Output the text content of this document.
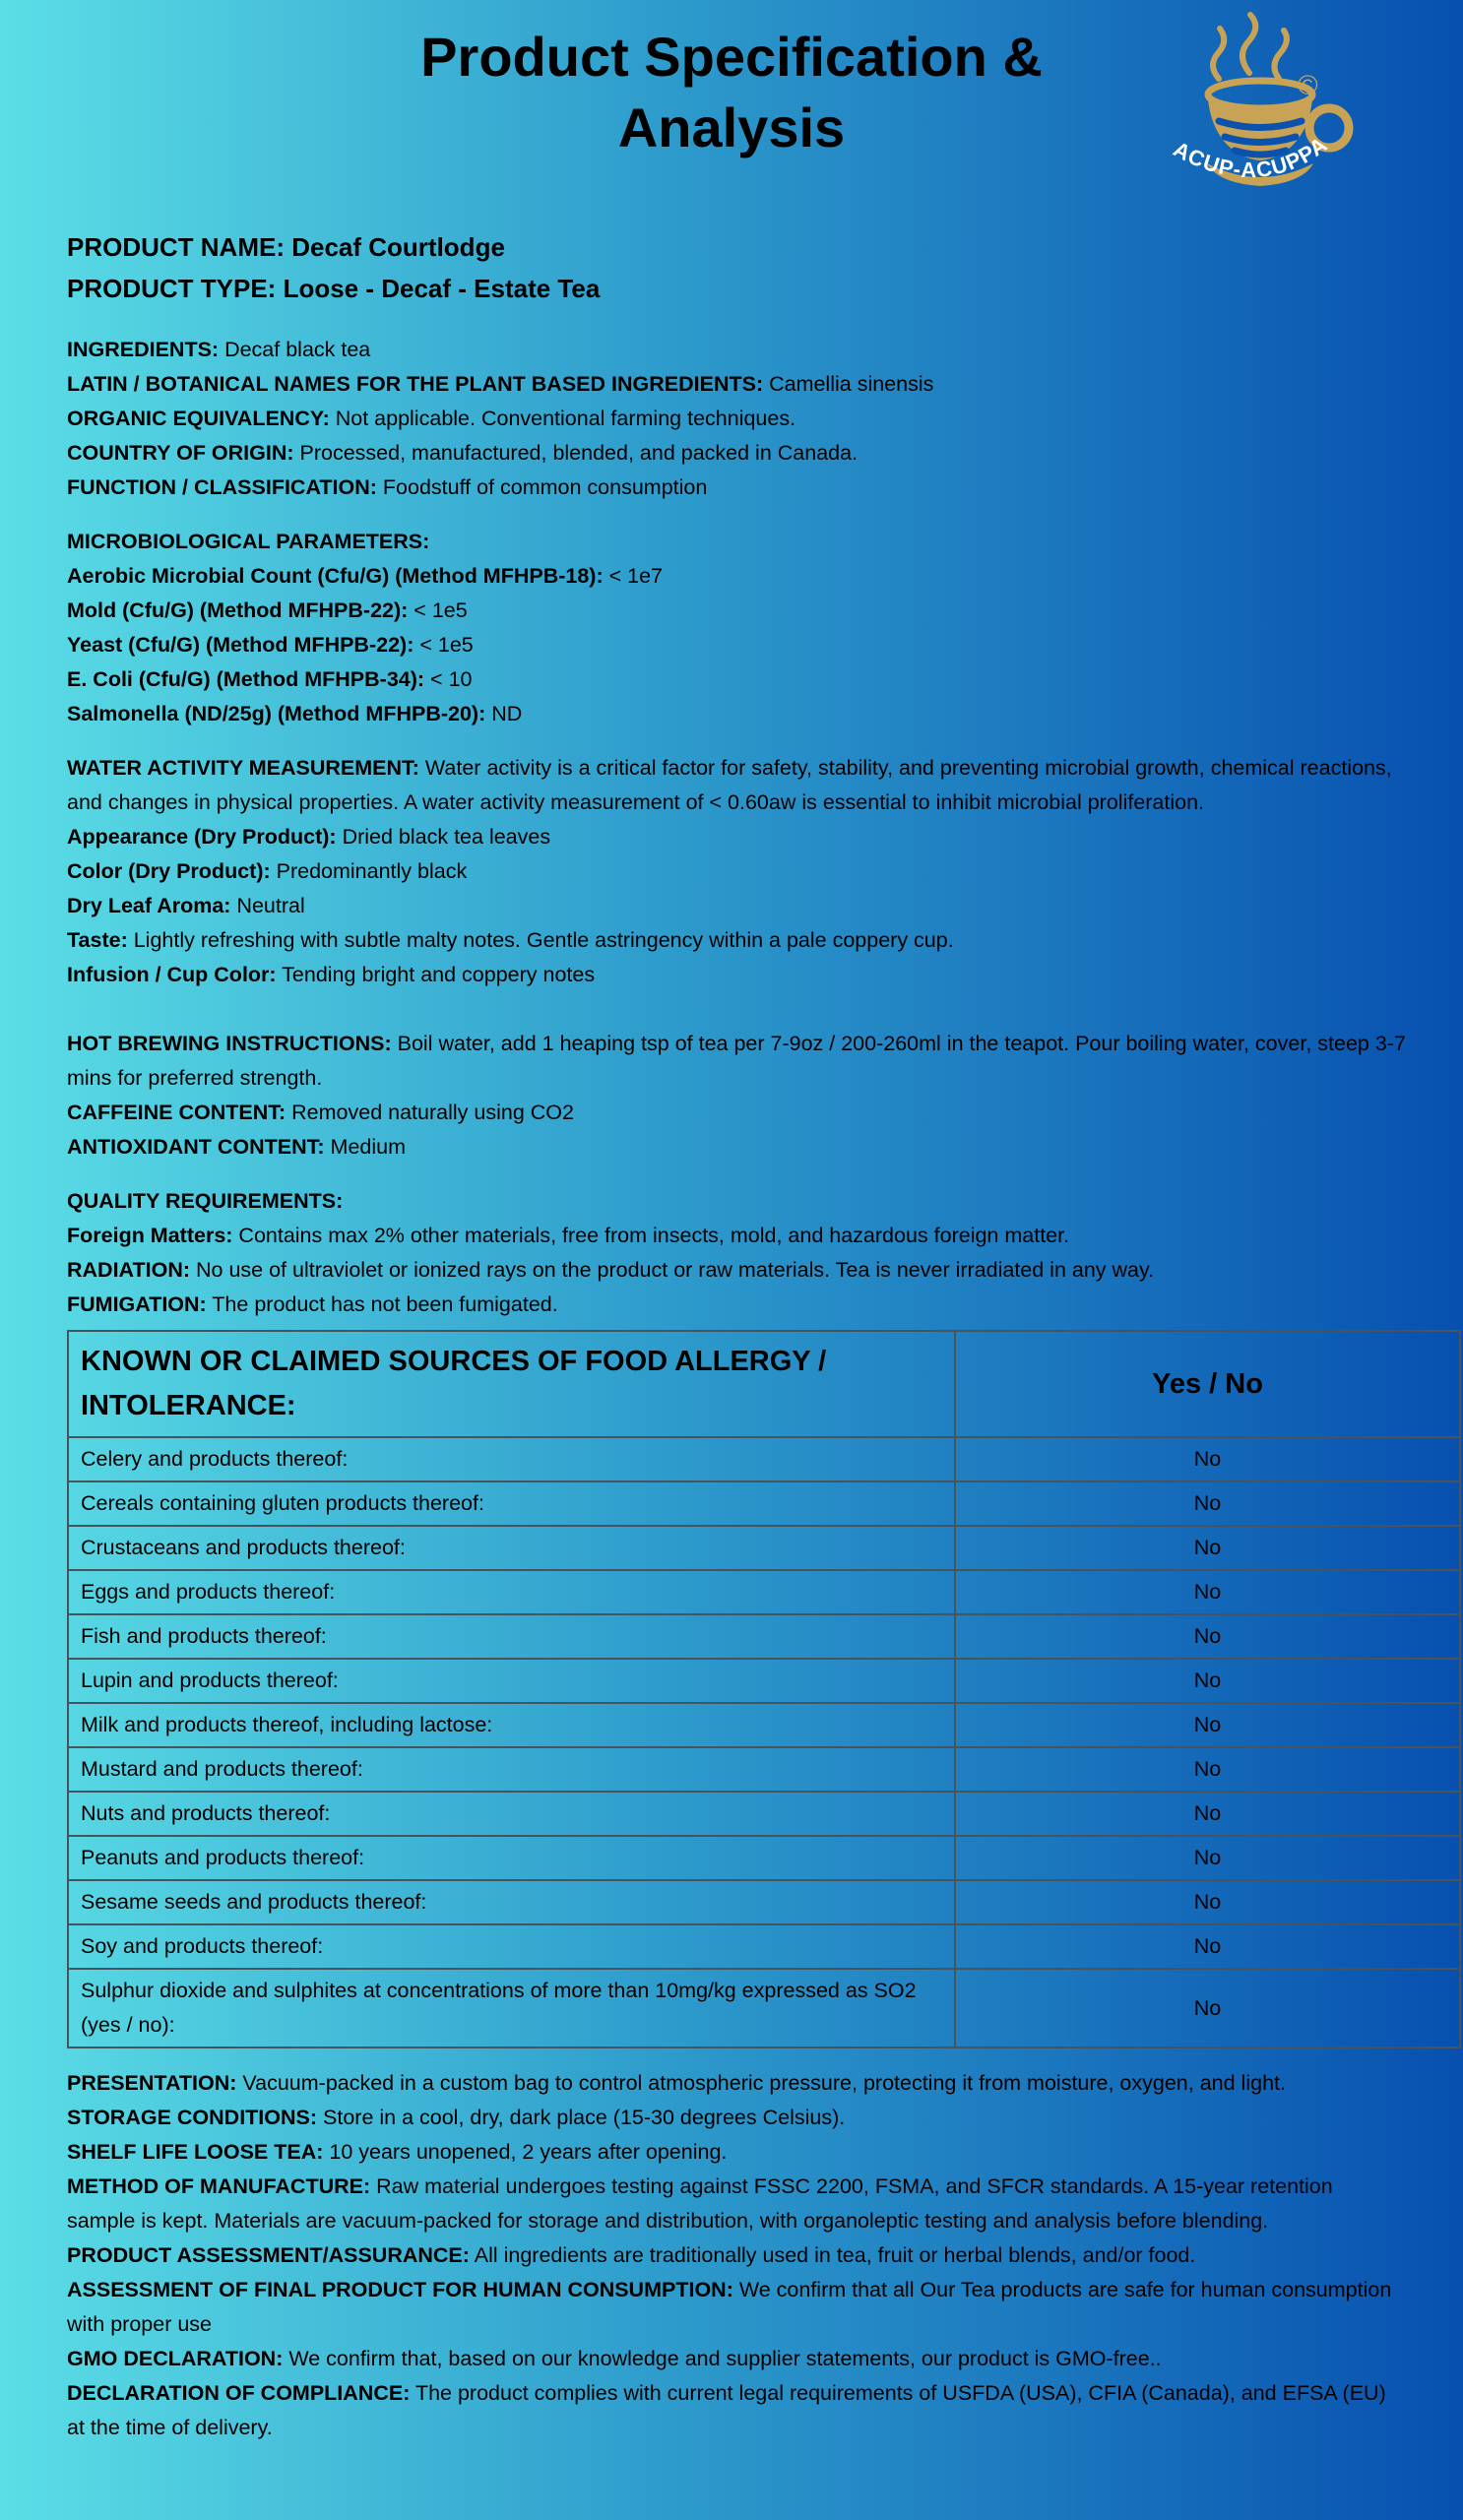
Product Specification & Analysis
©
ACUP-ACUPPA
PRODUCT NAME: Decaf Courtlodge
PRODUCT TYPE: Loose - Decaf - Estate Tea
INGREDIENTS: Decaf black tea
LATIN / BOTANICAL NAMES FOR THE PLANT BASED INGREDIENTS: Camellia sinensis
ORGANIC EQUIVALENCY: Not applicable. Conventional farming techniques.
COUNTRY OF ORIGIN: Processed, manufactured, blended, and packed in Canada.
FUNCTION / CLASSIFICATION: Foodstuff of common consumption
MICROBIOLOGICAL PARAMETERS:
Aerobic Microbial Count (Cfu/G) (Method MFHPB-18): < 1e7
Mold (Cfu/G) (Method MFHPB-22): < 1e5
Yeast (Cfu/G) (Method MFHPB-22): < 1e5
E. Coli (Cfu/G) (Method MFHPB-34): < 10
Salmonella (ND/25g) (Method MFHPB-20): ND
WATER ACTIVITY MEASUREMENT: Water activity is a critical factor for safety, stability, and preventing microbial growth, chemical reactions, and changes in physical properties. A water activity measurement of < 0.60aw is essential to inhibit microbial proliferation.
Appearance (Dry Product): Dried black tea leaves
Color (Dry Product): Predominantly black
Dry Leaf Aroma: Neutral
Taste: Lightly refreshing with subtle malty notes. Gentle astringency within a pale coppery cup.
Infusion / Cup Color: Tending bright and coppery notes
HOT BREWING INSTRUCTIONS: Boil water, add 1 heaping tsp of tea per 7-9oz / 200-260ml in the teapot. Pour boiling water, cover, steep 3-7 mins for preferred strength.
CAFFEINE CONTENT: Removed naturally using CO2
ANTIOXIDANT CONTENT: Medium
QUALITY REQUIREMENTS:
Foreign Matters: Contains max 2% other materials, free from insects, mold, and hazardous foreign matter.
RADIATION: No use of ultraviolet or ionized rays on the product or raw materials. Tea is never irradiated in any way.
FUMIGATION: The product has not been fumigated.
KNOWN OR CLAIMED SOURCES OF FOOD ALLERGY / INTOLERANCE:	Yes / No
Celery and products thereof:	No
Cereals containing gluten products thereof:	No
Crustaceans and products thereof:	No
Eggs and products thereof:	No
Fish and products thereof:	No
Lupin and products thereof:	No
Milk and products thereof, including lactose:	No
Mustard and products thereof:	No
Nuts and products thereof:	No
Peanuts and products thereof:	No
Sesame seeds and products thereof:	No
Soy and products thereof:	No
Sulphur dioxide and sulphites at concentrations of more than 10mg/kg expressed as SO2 (yes / no):	No
PRESENTATION: Vacuum-packed in a custom bag to control atmospheric pressure, protecting it from moisture, oxygen, and light.
STORAGE CONDITIONS: Store in a cool, dry, dark place (15-30 degrees Celsius).
SHELF LIFE LOOSE TEA: 10 years unopened, 2 years after opening.
METHOD OF MANUFACTURE: Raw material undergoes testing against FSSC 2200, FSMA, and SFCR standards. A 15-year retention sample is kept. Materials are vacuum-packed for storage and distribution, with organoleptic testing and analysis before blending.
PRODUCT ASSESSMENT/ASSURANCE: All ingredients are traditionally used in tea, fruit or herbal blends, and/or food.
ASSESSMENT OF FINAL PRODUCT FOR HUMAN CONSUMPTION: We confirm that all Our Tea products are safe for human consumption with proper use
GMO DECLARATION: We confirm that, based on our knowledge and supplier statements, our product is GMO-free..
DECLARATION OF COMPLIANCE: The product complies with current legal requirements of USFDA (USA), CFIA (Canada), and EFSA (EU) at the time of delivery.
